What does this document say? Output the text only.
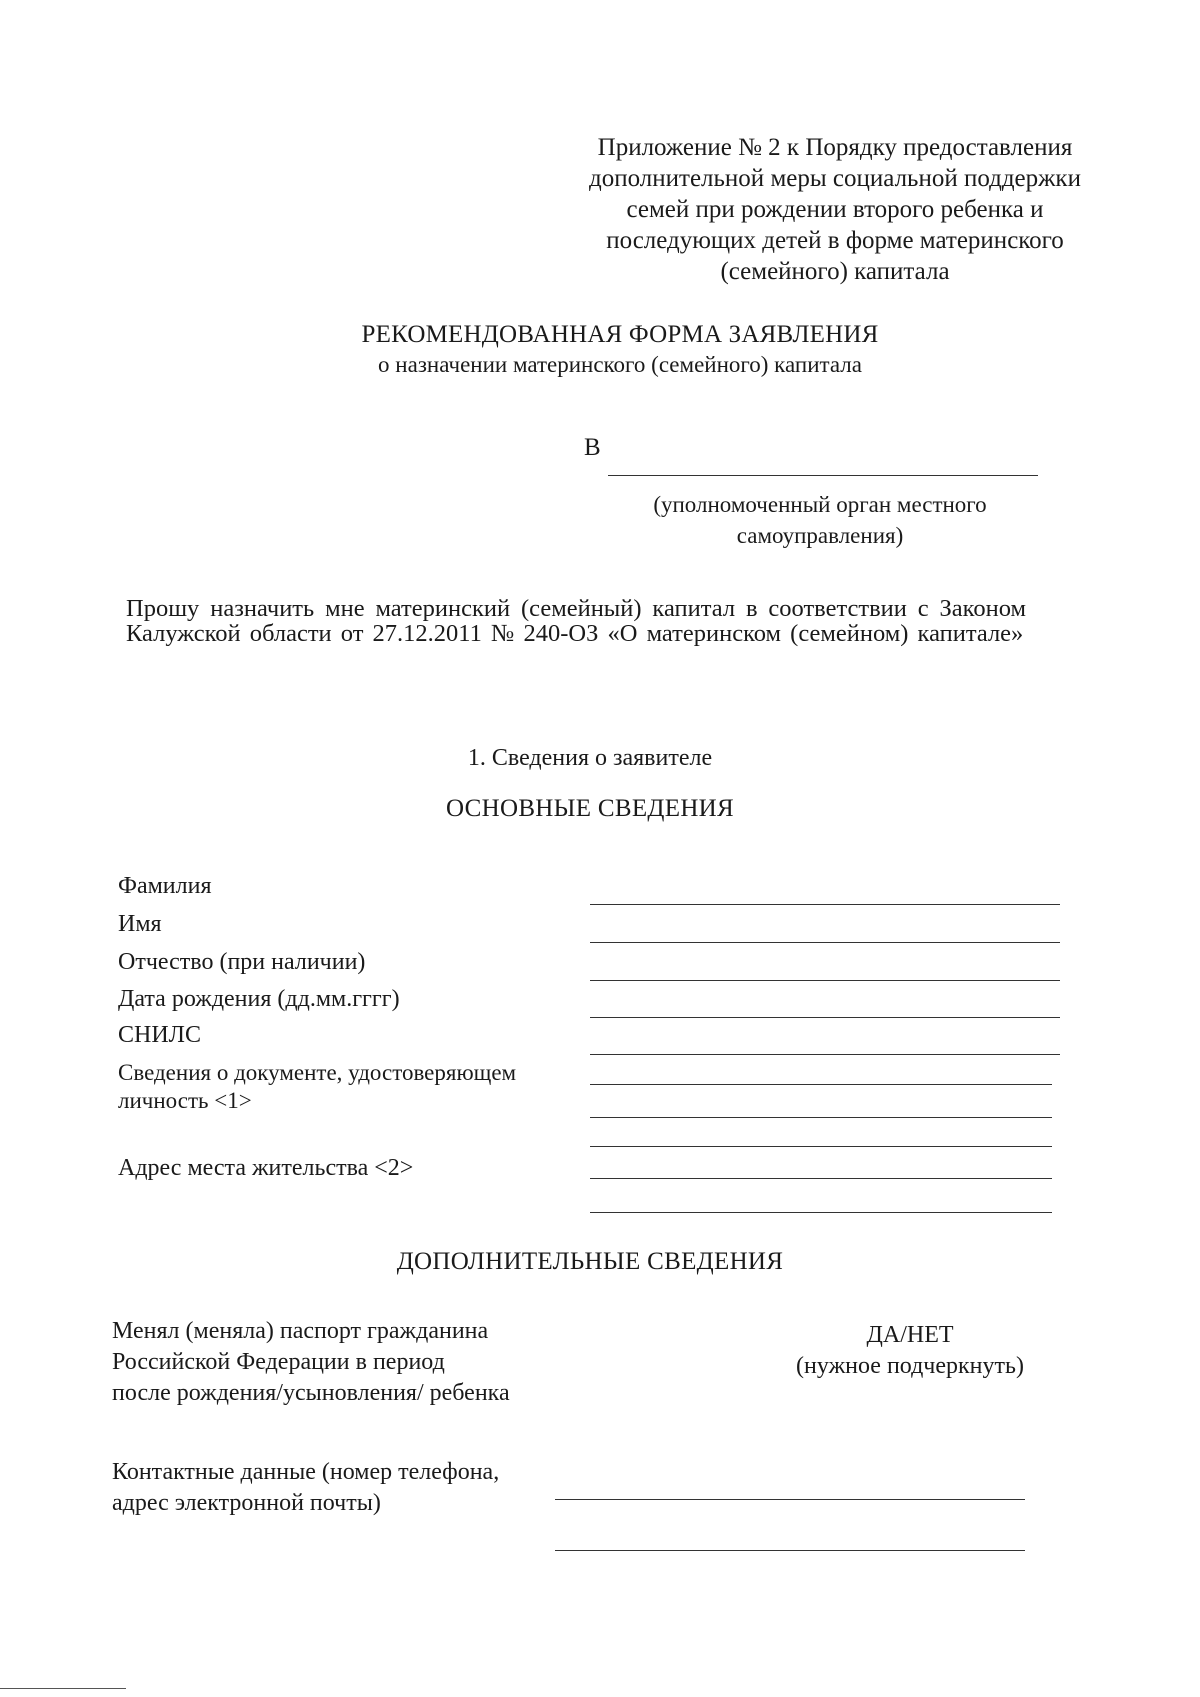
Приложение № 2 к Порядку предоставления
дополнительной меры социальной поддержки
семей при рождении второго ребенка и
последующих детей в форме материнского
(семейного) капитала
РЕКОМЕНДОВАННАЯ ФОРМА ЗАЯВЛЕНИЯ
о назначении материнского (семейного) капитала
В
(уполномоченный орган местного
самоуправления)
Прошу назначить мне материнский (семейный) капитал в соответствии с Законом Калужской области от 27.12.2011 № 240-ОЗ «О материнском (семейном) капитале»
1. Сведения о заявителе
ОСНОВНЫЕ СВЕДЕНИЯ
Фамилия
Имя
Отчество (при наличии)
Дата рождения (дд.мм.гггг)
СНИЛС
Сведения о документе, удостоверяющем
личность <1>
Адрес места жительства <2>
ДОПОЛНИТЕЛЬНЫЕ СВЕДЕНИЯ
Менял (меняла) паспорт гражданина
Российской Федерации в период
после рождения/усыновления/ ребенка
ДА/НЕТ
(нужное подчеркнуть)
Контактные данные (номер телефона,
адрес электронной почты)
